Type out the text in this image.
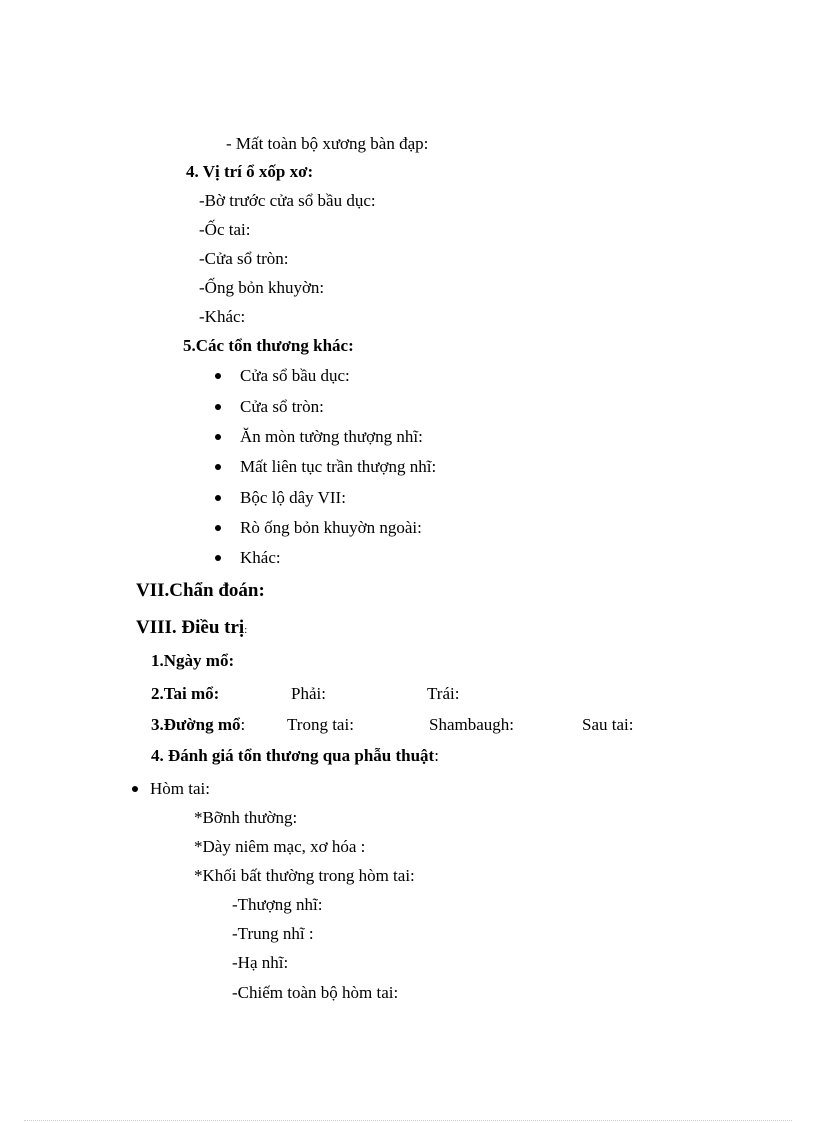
- Mất toàn bộ xương bàn đạp:
4. Vị trí ổ xốp xơ:
-Bờ trước cửa sổ bầu dục:
-Ốc tai:
-Cửa sổ tròn:
-Ống bỏn khuyờn:
-Khác:
5.Các tổn thương khác:
Cửa sổ bầu dục:
Cửa sổ tròn:
Ăn mòn tường thượng nhĩ:
Mất liên tục trần thượng nhĩ:
Bộc lộ dây VII:
Rò ống bỏn khuyờn ngoài:
Khác:
VII.Chẩn đoán:
VIII. Điều trị:
1.Ngày mổ:
2.Tai mổ:	Phải:	Trái:
3.Đường mổ: Trong tai:	Shambaugh:	Sau tai:
4. Đánh giá tổn thương qua phẫu thuật:
Hòm tai:
*Bỡnh thường:
*Dày niêm mạc, xơ hóa :
*Khối bất thường trong hòm tai:
-Thượng nhĩ:
-Trung nhĩ :
-Hạ nhĩ:
-Chiếm toàn bộ hòm tai:
